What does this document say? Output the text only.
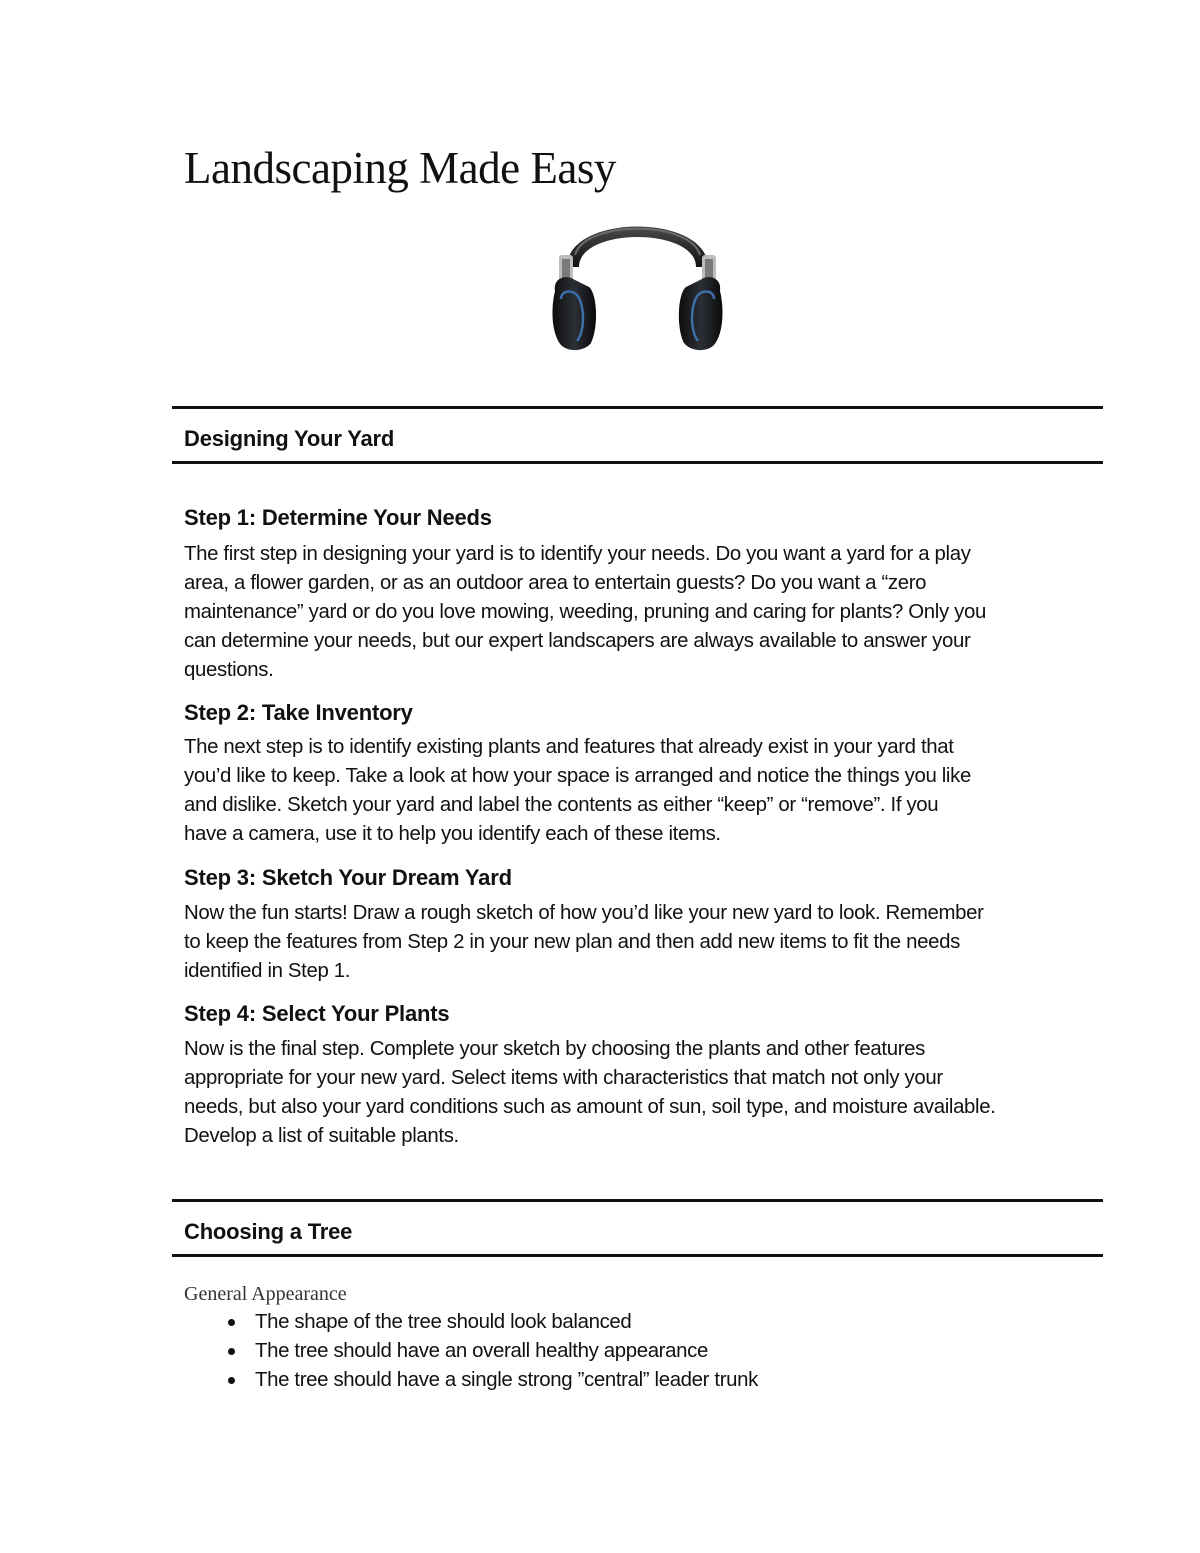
Landscaping Made Easy
Designing Your Yard
Step 1: Determine Your Needs

The first step in designing your yard is to identify your needs. Do you want a yard for a play

area, a flower garden, or as an outdoor area to entertain guests? Do you want a “zero

maintenance” yard or do you love mowing, weeding, pruning and caring for plants? Only you

can determine your needs, but our expert landscapers are always available to answer your

questions.

Step 2: Take Inventory

The next step is to identify existing plants and features that already exist in your yard that

you’d like to keep. Take a look at how your space is arranged and notice the things you like

and dislike. Sketch your yard and label the contents as either “keep” or “remove”. If you

have a camera, use it to help you identify each of these items.

Step 3: Sketch Your Dream Yard

Now the fun starts! Draw a rough sketch of how you’d like your new yard to look. Remember

to keep the features from Step 2 in your new plan and then add new items to fit the needs

identified in Step 1.

Step 4: Select Your Plants

Now is the final step. Complete your sketch by choosing the plants and other features

appropriate for your new yard. Select items with characteristics that match not only your

needs, but also your yard conditions such as amount of sun, soil type, and moisture available.

Develop a list of suitable plants.

Choosing a Tree
General Appearance
The shape of the tree should look balanced
The tree should have an overall healthy appearance
The tree should have a single strong ”central” leader trunk
